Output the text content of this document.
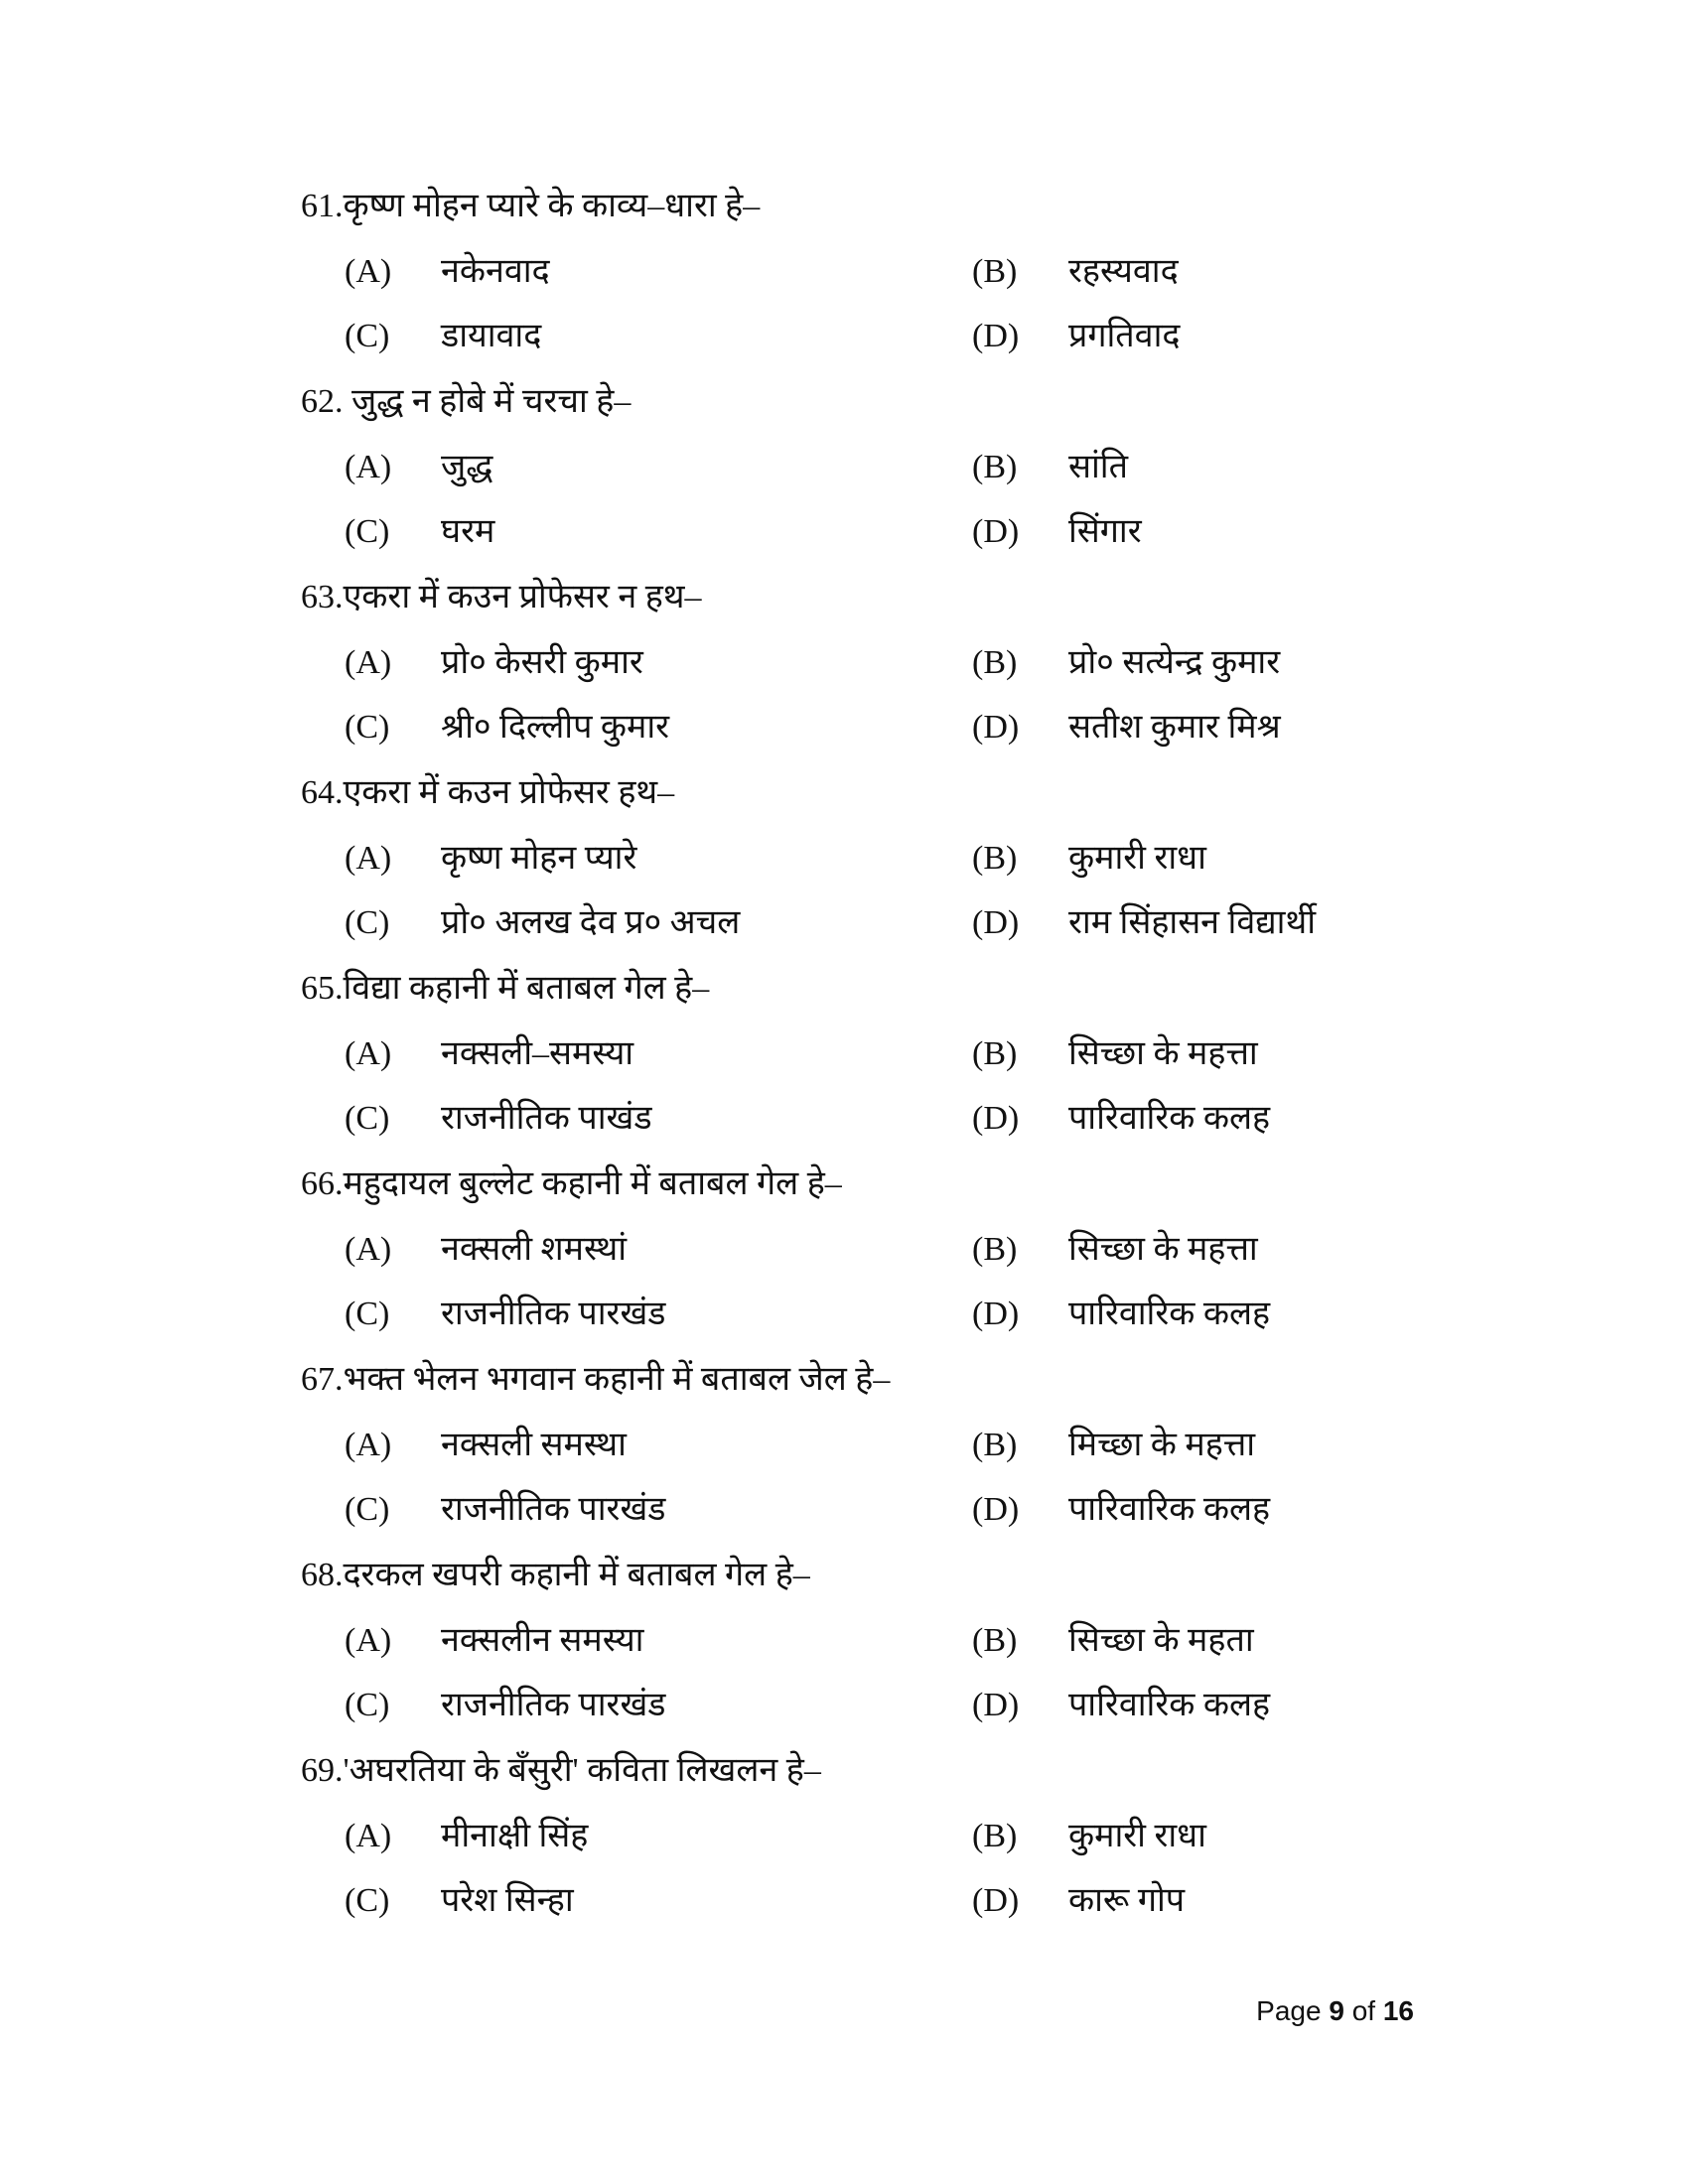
61.कृष्ण मोहन प्यारे के काव्य–धारा हे–
(A) नकेनवाद	(B) रहस्यवाद
(C) डायावाद	(D) प्रगतिवाद
62. जुद्ध न होबे में चरचा हे–
(A) जुद्ध	(B) सांति
(C) घरम	(D) सिंगार
63.एकरा में कउन प्रोफेसर न हथ–
(A) प्रो० केसरी कुमार	(B) प्रो० सत्येन्द्र कुमार
(C) श्री० दिल्लीप कुमार	(D) सतीश कुमार मिश्र
64.एकरा में कउन प्रोफेसर हथ–
(A) कृष्ण मोहन प्यारे	(B) कुमारी राधा
(C) प्रो० अलख देव प्र० अचल	(D) राम सिंहासन विद्यार्थी
65.विद्या कहानी में बताबल गेल हे–
(A) नक्सली–समस्या	(B) सिच्छा के महत्ता
(C) राजनीतिक पाखंड	(D) पारिवारिक कलह
66.महुदायल बुल्लेट कहानी में बताबल गेल हे–
(A) नक्सली शमस्थां	(B) सिच्छा के महत्ता
(C) राजनीतिक पारखंड	(D) पारिवारिक कलह
67.भक्त भेलन भगवान कहानी में बताबल जेल हे–
(A) नक्सली समस्था	(B) मिच्छा के महत्ता
(C) राजनीतिक पारखंड	(D) पारिवारिक कलह
68.दरकल खपरी कहानी में बताबल गेल हे–
(A) नक्सलीन समस्या	(B) सिच्छा के महता
(C) राजनीतिक पारखंड	(D) पारिवारिक कलह
69.'अघरतिया के बँसुरी' कविता लिखलन हे–
(A) मीनाक्षी सिंह	(B) कुमारी राधा
(C) परेश सिन्हा	(D) कारू गोप
Page 9 of 16
